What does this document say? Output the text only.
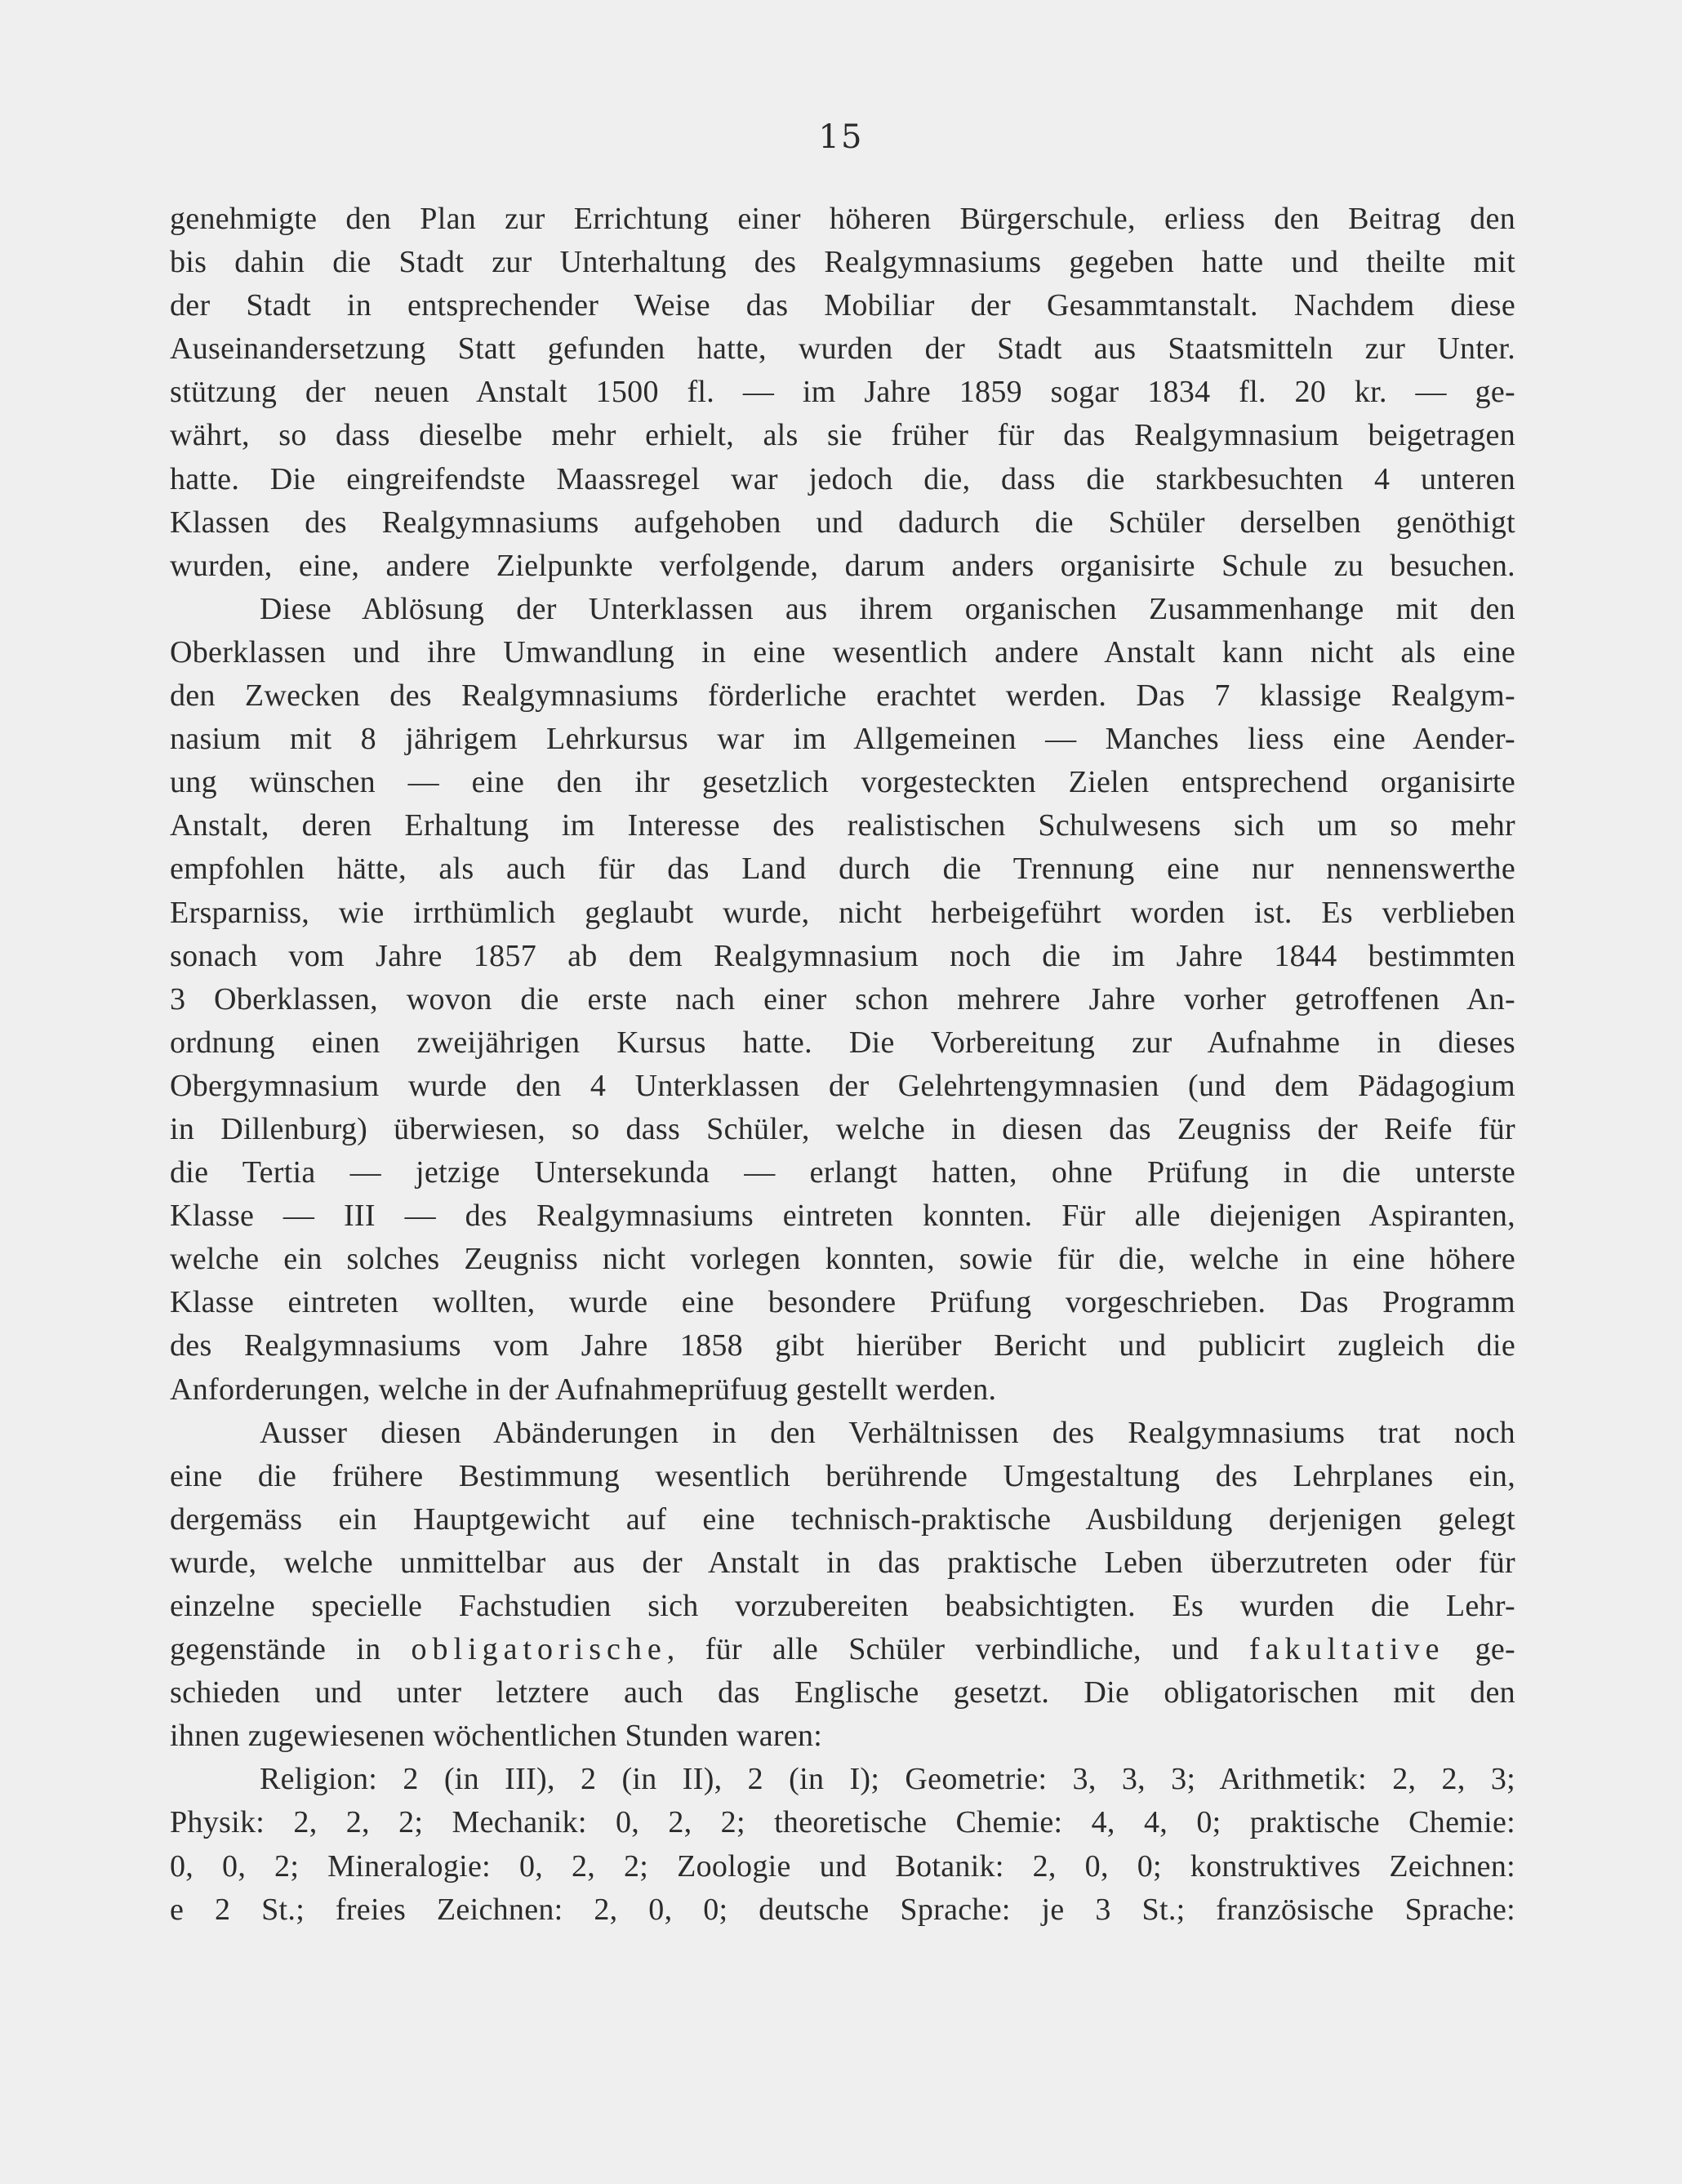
15
genehmigte den Plan zur Errichtung einer höheren Bürgerschule, erliess den Beitrag den
bis dahin die Stadt zur Unterhaltung des Realgymnasiums gegeben hatte und theilte mit
der Stadt in entsprechender Weise das Mobiliar der Gesammtanstalt. Nachdem diese
Auseinandersetzung Statt gefunden hatte, wurden der Stadt aus Staatsmitteln zur Unter.
stützung der neuen Anstalt 1500 fl. — im Jahre 1859 sogar 1834 fl. 20 kr. — ge-
währt, so dass dieselbe mehr erhielt, als sie früher für das Realgymnasium beigetragen
hatte. Die eingreifendste Maassregel war jedoch die, dass die starkbesuchten 4 unteren
Klassen des Realgymnasiums aufgehoben und dadurch die Schüler derselben genöthigt
wurden, eine, andere Zielpunkte verfolgende, darum anders organisirte Schule zu besuchen.
Diese Ablösung der Unterklassen aus ihrem organischen Zusammenhange mit den
Oberklassen und ihre Umwandlung in eine wesentlich andere Anstalt kann nicht als eine
den Zwecken des Realgymnasiums förderliche erachtet werden. Das 7 klassige Realgym-
nasium mit 8 jährigem Lehrkursus war im Allgemeinen — Manches liess eine Aender-
ung wünschen — eine den ihr gesetzlich vorgesteckten Zielen entsprechend organisirte
Anstalt, deren Erhaltung im Interesse des realistischen Schulwesens sich um so mehr
empfohlen hätte, als auch für das Land durch die Trennung eine nur nennenswerthe
Ersparniss, wie irrthümlich geglaubt wurde, nicht herbeigeführt worden ist. Es verblieben
sonach vom Jahre 1857 ab dem Realgymnasium noch die im Jahre 1844 bestimmten
3 Oberklassen, wovon die erste nach einer schon mehrere Jahre vorher getroffenen An-
ordnung einen zweijährigen Kursus hatte. Die Vorbereitung zur Aufnahme in dieses
Obergymnasium wurde den 4 Unterklassen der Gelehrtengymnasien (und dem Pädagogium
in Dillenburg) überwiesen, so dass Schüler, welche in diesen das Zeugniss der Reife für
die Tertia — jetzige Untersekunda — erlangt hatten, ohne Prüfung in die unterste
Klasse — III — des Realgymnasiums eintreten konnten. Für alle diejenigen Aspiranten,
welche ein solches Zeugniss nicht vorlegen konnten, sowie für die, welche in eine höhere
Klasse eintreten wollten, wurde eine besondere Prüfung vorgeschrieben. Das Programm
des Realgymnasiums vom Jahre 1858 gibt hierüber Bericht und publicirt zugleich die
Anforderungen, welche in der Aufnahmeprüfuug gestellt werden.
Ausser diesen Abänderungen in den Verhältnissen des Realgymnasiums trat noch
eine die frühere Bestimmung wesentlich berührende Umgestaltung des Lehrplanes ein,
dergemäss ein Hauptgewicht auf eine technisch-praktische Ausbildung derjenigen gelegt
wurde, welche unmittelbar aus der Anstalt in das praktische Leben überzutreten oder für
einzelne specielle Fachstudien sich vorzubereiten beabsichtigten. Es wurden die Lehr-
gegenstände in obligatorische, für alle Schüler verbindliche, und fakultative ge-
schieden und unter letztere auch das Englische gesetzt. Die obligatorischen mit den
ihnen zugewiesenen wöchentlichen Stunden waren:
Religion: 2 (in III), 2 (in II), 2 (in I); Geometrie: 3, 3, 3; Arithmetik: 2, 2, 3;
Physik: 2, 2, 2; Mechanik: 0, 2, 2; theoretische Chemie: 4, 4, 0; praktische Chemie:
0, 0, 2; Mineralogie: 0, 2, 2; Zoologie und Botanik: 2, 0, 0; konstruktives Zeichnen:
e 2 St.; freies Zeichnen: 2, 0, 0; deutsche Sprache: je 3 St.; französische Sprache:
